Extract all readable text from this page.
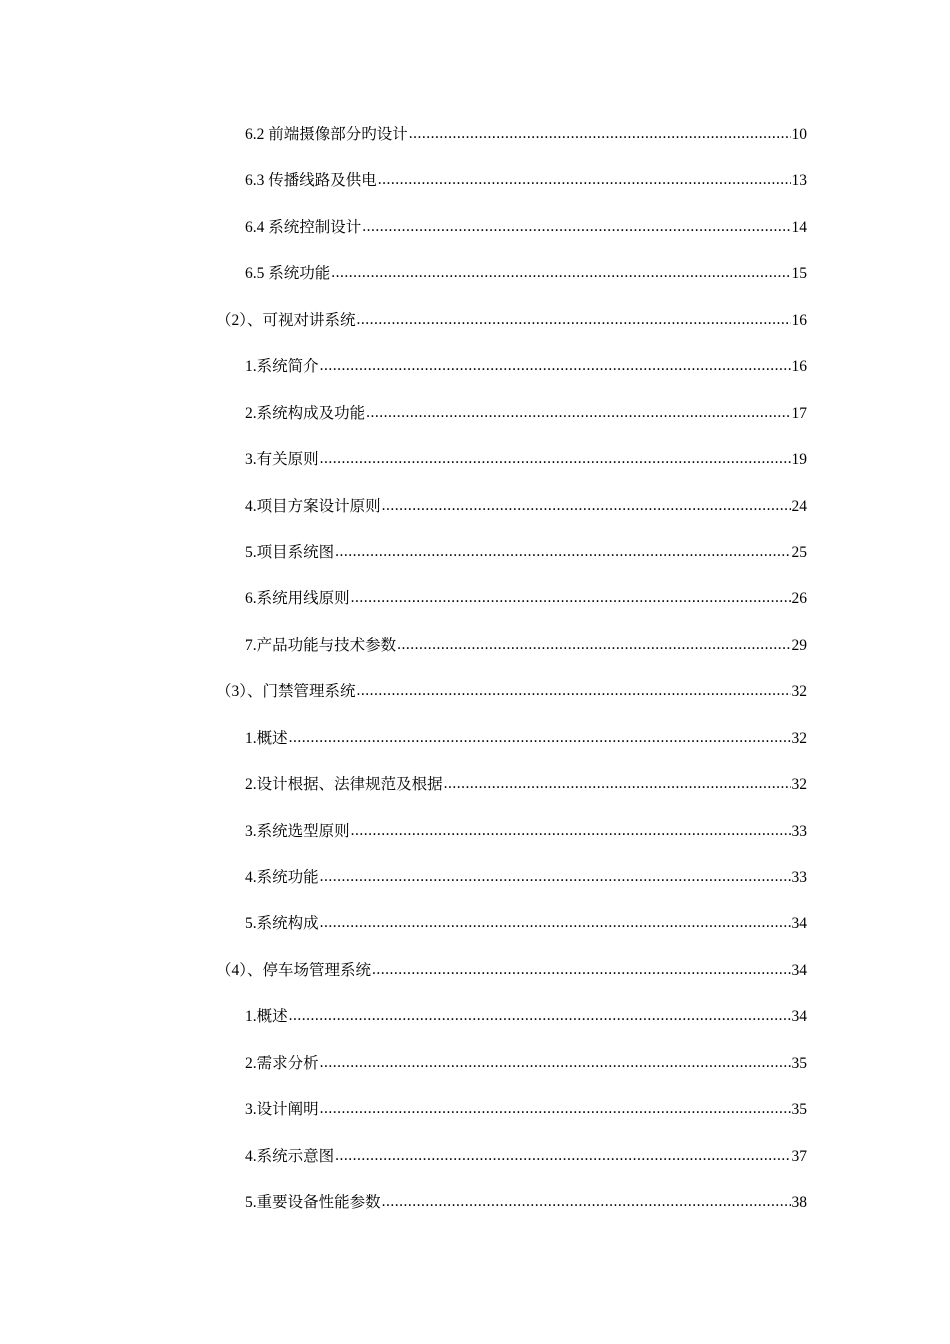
6.2 前端摄像部分旳设计 .....	10
6.3 传播线路及供电 .....	13
6.4 系统控制设计 .....	14
6.5 系统功能 .....	15
（2）、可视对讲系统 .....	16
1.系统简介 .....	16
2.系统构成及功能 .....	17
3.有关原则 .....	19
4.项目方案设计原则 .....	24
5.项目系统图 .....	25
6.系统用线原则 .....	26
7.产品功能与技术参数 .....	29
（3）、门禁管理系统 .....	32
1.概述 .....	32
2.设计根据、法律规范及根据 .....	32
3.系统选型原则 .....	33
4.系统功能 .....	33
5.系统构成 .....	34
（4）、停车场管理系统 .....	34
1.概述 .....	34
2.需求分析 .....	35
3.设计阐明 .....	35
4.系统示意图 .....	37
5.重要设备性能参数 .....	38
